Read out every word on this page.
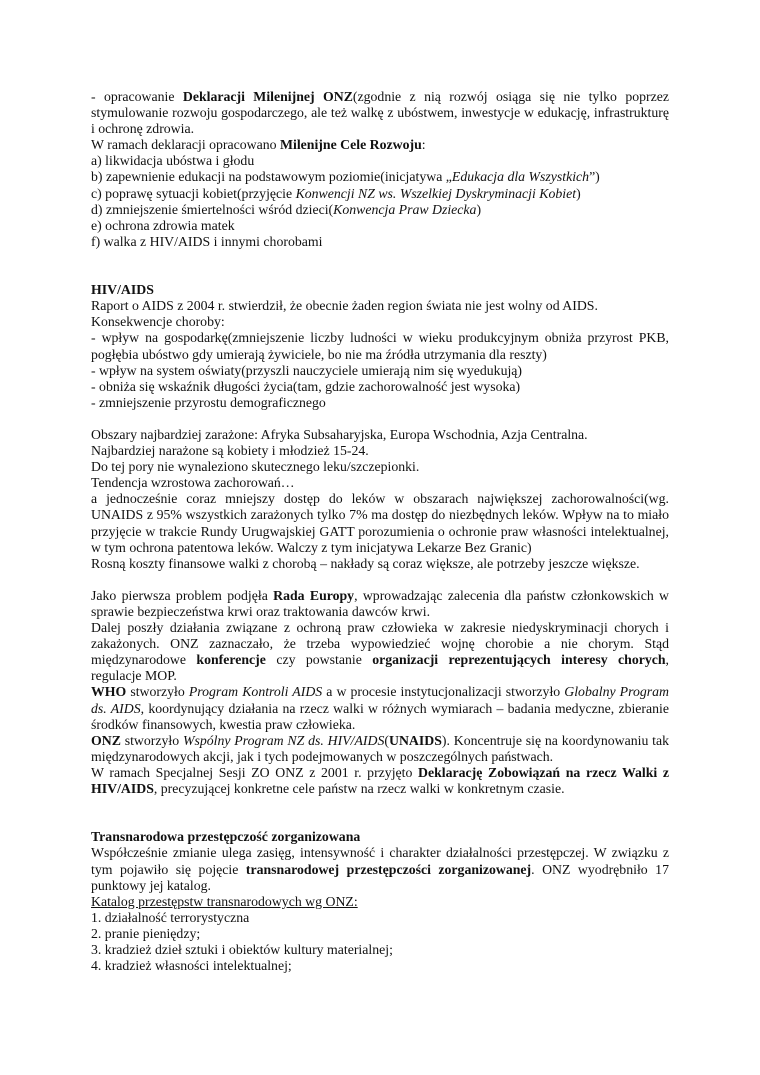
- opracowanie Deklaracji Milenijnej ONZ(zgodnie z nią rozwój osiąga się nie tylko poprzez stymulowanie rozwoju gospodarczego, ale też walkę z ubóstwem, inwestycje w edukację, infrastrukturę i ochronę zdrowia.

W ramach deklaracji opracowano Milenijne Cele Rozwoju:
a) likwidacja ubóstwa i głodu
b) zapewnienie edukacji na podstawowym poziomie(inicjatywa „Edukacja dla Wszystkich”)
c) poprawę sytuacji kobiet(przyjęcie Konwencji NZ ws. Wszelkiej Dyskryminacji Kobiet)
d) zmniejszenie śmiertelności wśród dzieci(Konwencja Praw Dziecka)
e) ochrona zdrowia matek
f) walka z HIV/AIDS i innymi chorobami

HIV/AIDS

Raport o AIDS z 2004 r. stwierdził, że obecnie żaden region świata nie jest wolny od AIDS.
Konsekwencje choroby:

- wpływ na gospodarkę(zmniejszenie liczby ludności w wieku produkcyjnym obniża przyrost PKB, pogłębia ubóstwo gdy umierają żywiciele, bo nie ma źródła utrzymania dla reszty)

- wpływ na system oświaty(przyszli nauczyciele umierają nim się wyedukują)
- obniża się wskaźnik długości życia(tam, gdzie zachorowalność jest wysoka)
- zmniejszenie przyrostu demograficznego
Obszary najbardziej zarażone: Afryka Subsaharyjska, Europa Wschodnia, Azja Centralna.
Najbardziej narażone są kobiety i młodzież 15-24.
Do tej pory nie wynaleziono skutecznego leku/szczepionki.
Tendencja wzrostowa zachorowań…

a jednocześnie coraz mniejszy dostęp do leków w obszarach największej zachorowalności(wg. UNAIDS z 95% wszystkich zarażonych tylko 7% ma dostęp do niezbędnych leków. Wpływ na to miało przyjęcie w trakcie Rundy Urugwajskiej GATT porozumienia o ochronie praw własności intelektualnej, w tym ochrona patentowa leków. Walczy z tym inicjatywa Lekarze Bez Granic)

Rosną koszty finansowe walki z chorobą – nakłady są coraz większe, ale potrzeby jeszcze większe.

Jako pierwsza problem podjęła Rada Europy, wprowadzając zalecenia dla państw członkowskich w sprawie bezpieczeństwa krwi oraz traktowania dawców krwi.

Dalej poszły działania związane z ochroną praw człowieka w zakresie niedyskryminacji chorych i zakażonych. ONZ zaznaczało, że trzeba wypowiedzieć wojnę chorobie a nie chorym. Stąd międzynarodowe konferencje czy powstanie organizacji reprezentujących interesy chorych, regulacje MOP.

WHO stworzyło Program Kontroli AIDS a w procesie instytucjonalizacji stworzyło Globalny Program ds. AIDS, koordynujący działania na rzecz walki w różnych wymiarach – badania medyczne, zbieranie środków finansowych, kwestia praw człowieka.

ONZ stworzyło Wspólny Program NZ ds. HIV/AIDS(UNAIDS). Koncentruje się na koordynowaniu tak międzynarodowych akcji, jak i tych podejmowanych w poszczególnych państwach.

W ramach Specjalnej Sesji ZO ONZ z 2001 r. przyjęto Deklarację Zobowiązań na rzecz Walki z HIV/AIDS, precyzującej konkretne cele państw na rzecz walki w konkretnym czasie.

Transnarodowa przestępczość zorganizowana

Współcześnie zmianie ulega zasięg, intensywność i charakter działalności przestępczej. W związku z tym pojawiło się pojęcie transnarodowej przestępczości zorganizowanej. ONZ wyodrębniło 17 punktowy jej katalog.

Katalog przestępstw transnarodowych wg ONZ:
1. działalność terrorystyczna
2. pranie pieniędzy;
3. kradzież dzieł sztuki i obiektów kultury materialnej;
4. kradzież własności intelektualnej;
